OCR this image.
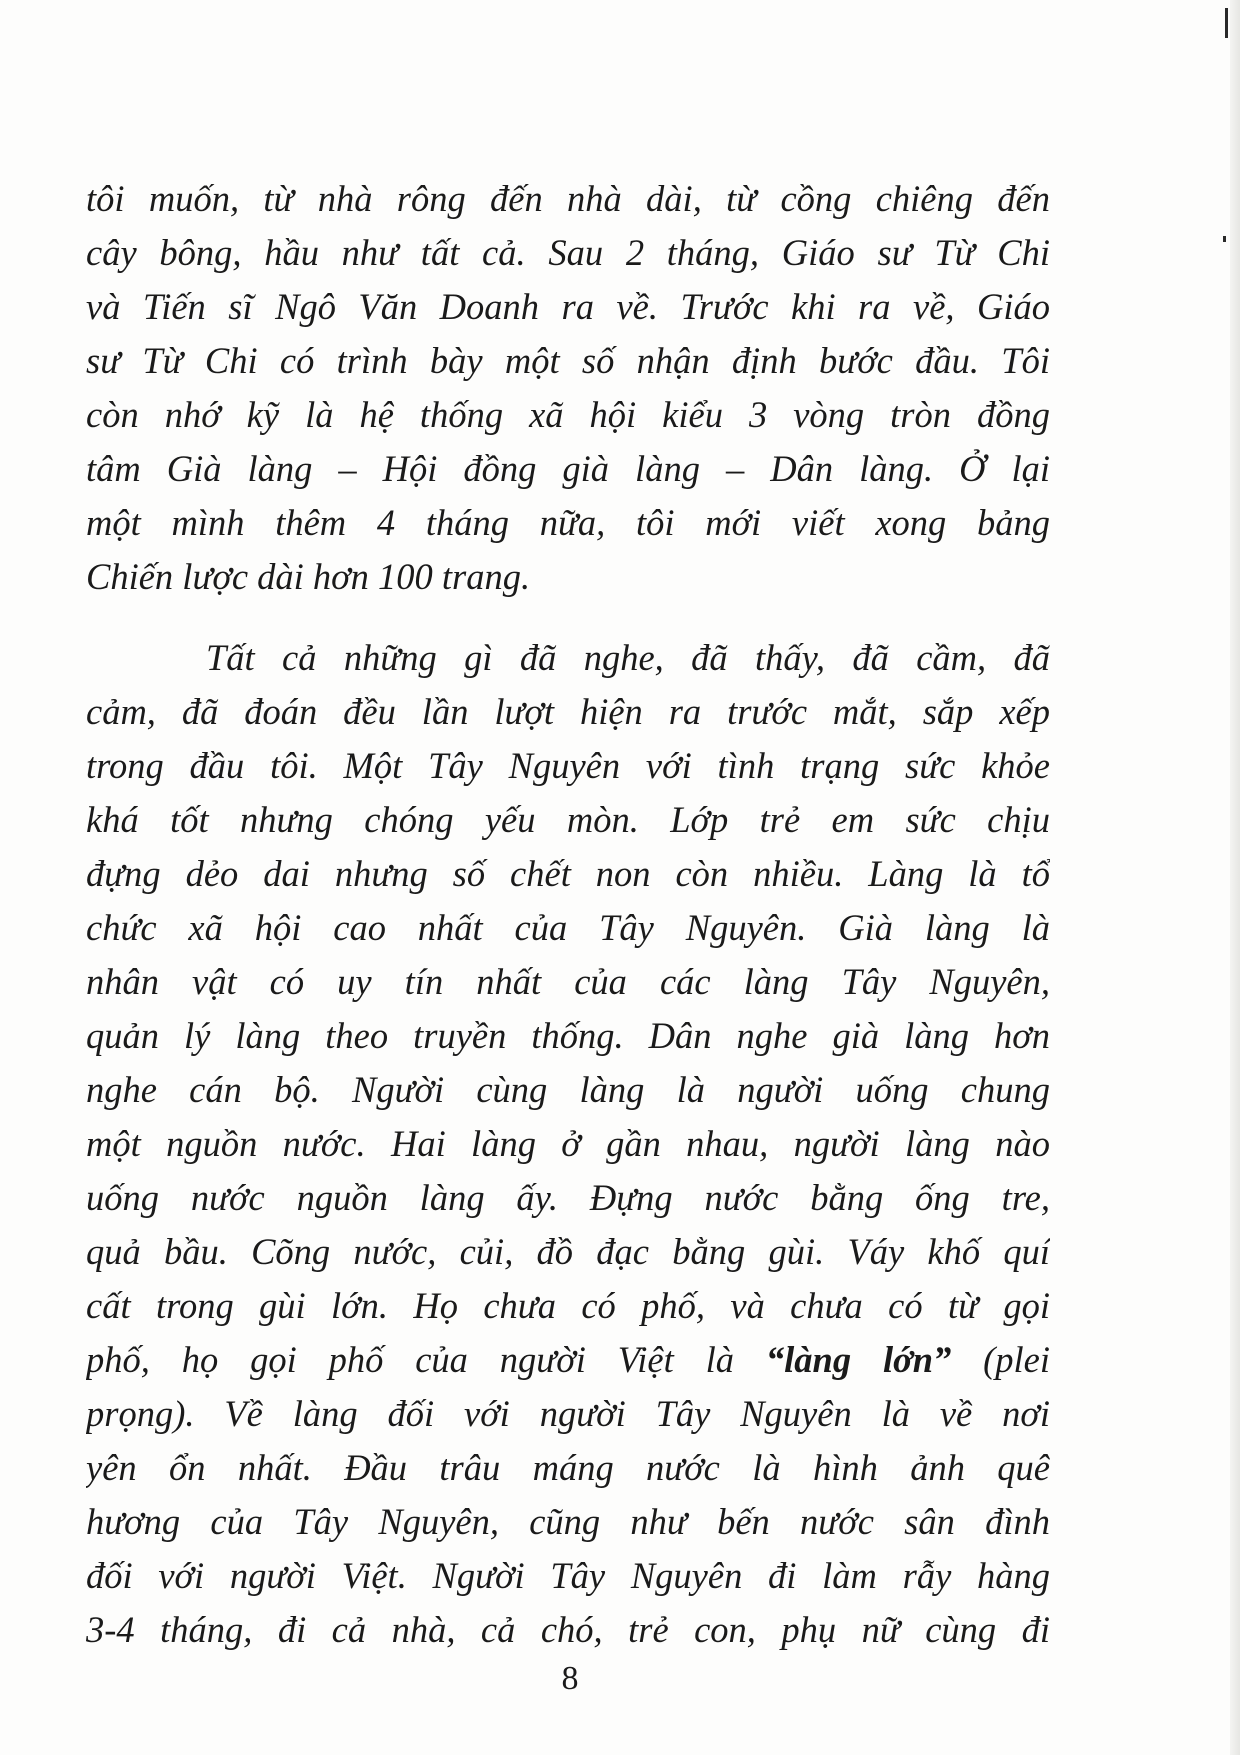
tôi muốn, từ nhà rông đến nhà dài, từ cồng chiêng đến
cây bông, hầu như tất cả. Sau 2 tháng, Giáo sư Từ Chi
và Tiến sĩ Ngô Văn Doanh ra về. Trước khi ra về, Giáo
sư Từ Chi có trình bày một số nhận định bước đầu. Tôi
còn nhớ kỹ là hệ thống xã hội kiểu 3 vòng tròn đồng
tâm Già làng – Hội đồng già làng – Dân làng. Ở lại
một mình thêm 4 tháng nữa, tôi mới viết xong bảng
Chiến lược dài hơn 100 trang.
Tất cả những gì đã nghe, đã thấy, đã cầm, đã
cảm, đã đoán đều lần lượt hiện ra trước mắt, sắp xếp
trong đầu tôi. Một Tây Nguyên với tình trạng sức khỏe
khá tốt nhưng chóng yếu mòn. Lớp trẻ em sức chịu
đựng dẻo dai nhưng số chết non còn nhiều. Làng là tổ
chức xã hội cao nhất của Tây Nguyên. Già làng là
nhân vật có uy tín nhất của các làng Tây Nguyên,
quản lý làng theo truyền thống. Dân nghe già làng hơn
nghe cán bộ. Người cùng làng là người uống chung
một nguồn nước. Hai làng ở gần nhau, người làng nào
uống nước nguồn làng ấy. Đựng nước bằng ống tre,
quả bầu. Cõng nước, củi, đồ đạc bằng gùi. Váy khố quí
cất trong gùi lớn. Họ chưa có phố, và chưa có từ gọi
phố, họ gọi phố của người Việt là “làng lớn” (plei
prọng). Về làng đối với người Tây Nguyên là về nơi
yên ổn nhất. Đầu trâu máng nước là hình ảnh quê
hương của Tây Nguyên, cũng như bến nước sân đình
đối với người Việt. Người Tây Nguyên đi làm rẫy hàng
3-4 tháng, đi cả nhà, cả chó, trẻ con, phụ nữ cùng đi
8
